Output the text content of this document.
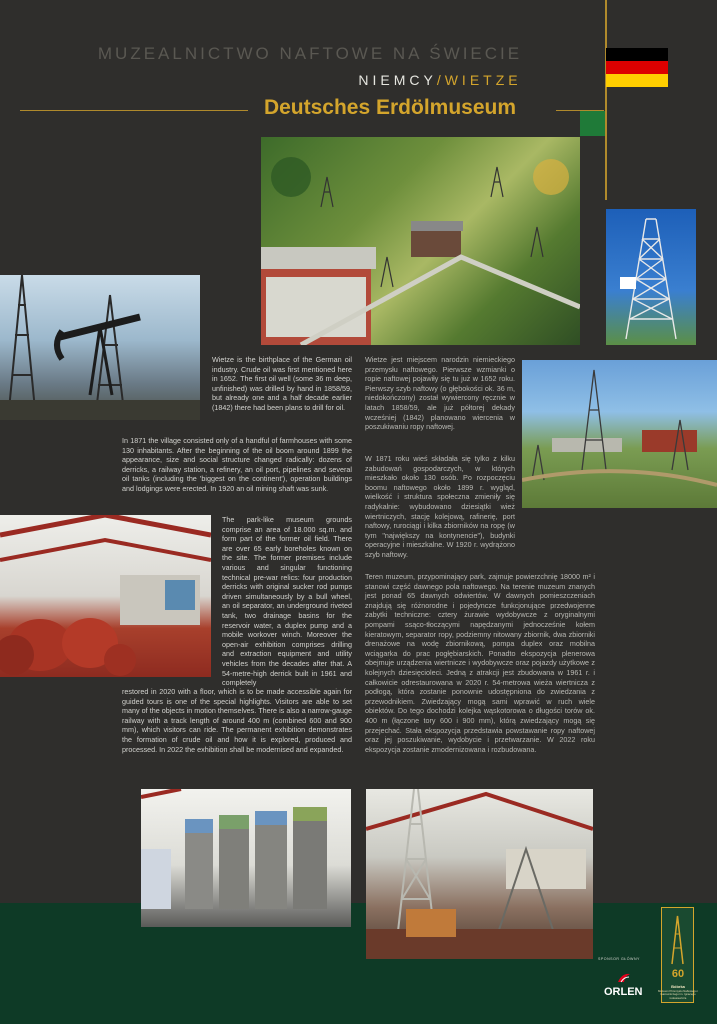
MUZEALNICTWO NAFTOWE NA ŚWIECIE
NIEMCY/WIETZE
Deutsches Erdölmuseum
Wietze is the birthplace of the German oil industry. Crude oil was first mentioned here in 1652. The first oil well (some 36 m deep, unfinished) was drilled by hand in 1858/59, but already one and a half decade earlier (1842) there had been plans to drill for oil.
In 1871 the village consisted only of a handful of farmhouses with some 130 inhabitants. After the beginning of the oil boom around 1899 the appearance, size and social structure changed radically: dozens of derricks, a railway station, a refinery, an oil port, pipelines and several oil tanks (including the 'biggest on the continent'), operation buildings and lodgings were erected. In 1920 an oil mining shaft was sunk.
The park-like museum grounds comprise an area of 18.000 sq.m. and form part of the former oil field. There are over 65 early boreholes known on the site. The former premises include various and singular functioning technical pre-war relics: four production derricks with original sucker rod pumps driven simultaneously by a bull wheel, an oil separator, an underground riveted tank, two drainage basins for the reservoir water, a duplex pump and a mobile workover winch. Moreover the open-air exhibition comprises drilling and extraction equipment and utility vehicles from the decades after that. A 54-metre-high derrick built in 1961 and completely
restored in 2020 with a floor, which is to be made accessible again for guided tours is one of the special highlights. Visitors are able to set many of the objects in motion themselves. There is also a narrow-gauge railway with a track length of around 400 m (combined 600 and 900 mm), which visitors can ride. The permanent exhibition demonstrates the formation of crude oil and how it is explored, produced and processed. In 2022 the exhibition shall be modernised and expanded.
Wietze jest miejscem narodzin niemieckiego przemysłu naftowego. Pierwsze wzmianki o ropie naftowej pojawiły się tu już w 1652 roku. Pierwszy szyb naftowy (o głębokości ok. 36 m, niedokończony) został wywiercony ręcznie w latach 1858/59, ale już półtorej dekady wcześniej (1842) planowano wiercenia w poszukiwaniu ropy naftowej.
W 1871 roku wieś składała się tylko z kilku zabudowań gospodarczych, w których mieszkało około 130 osób. Po rozpoczęciu boomu naftowego około 1899 r. wygląd, wielkość i struktura społeczna zmieniły się radykalnie: wybudowano dziesiątki wież wiertniczych, stację kolejową, rafinerię, port naftowy, rurociągi i kilka zbiorników na ropę (w tym "największy na kontynencie"), budynki operacyjne i mieszkalne. W 1920 r. wydrążono szyb naftowy.
Teren muzeum, przypominający park, zajmuje powierzchnię 18000 m² i stanowi część dawnego pola naftowego. Na terenie muzeum znanych jest ponad 65 dawnych odwiertów. W dawnych pomieszczeniach znajdują się różnorodne i pojedyncze funkcjonujące przedwojenne zabytki techniczne: cztery żurawie wydobywcze z oryginalnymi pompami ssąco-tłoczącymi napędzanymi jednocześnie kołem kieratowym, separator ropy, podziemny nitowany zbiornik, dwa zbiorniki drenażowe na wodę zbiornikową, pompa duplex oraz mobilna wciągarka do prac pogłębiarskich. Ponadto ekspozycja plenerowa obejmuje urządzenia wiertnicze i wydobywcze oraz pojazdy użytkowe z kolejnych dziesięcioleci. Jedną z atrakcji jest zbudowana w 1961 r. i całkowicie odrestaurowana w 2020 r. 54-metrowa wieża wiertnicza z podłogą, która zostanie ponownie udostępniona do zwiedzania z przewodnikiem. Zwiedzający mogą sami wprawić w ruch wiele obiektów. Do tego dochodzi kolejka wąskotorowa o długości torów ok. 400 m (łączone tory 600 i 900 mm), którą zwiedzający mogą się przejechać. Stała ekspozycja przedstawia powstawanie ropy naftowej oraz jej poszukiwanie, wydobycie i przetwarzanie. W 2022 roku ekspozycja zostanie zmodernizowana i rozbudowana.
SPONSOR GŁÓWNY
ORLEN
60
Bóbrka
Muzeum Przemysłu Naftowego i Gazowniczego im. Ignacego Łukasiewicza
